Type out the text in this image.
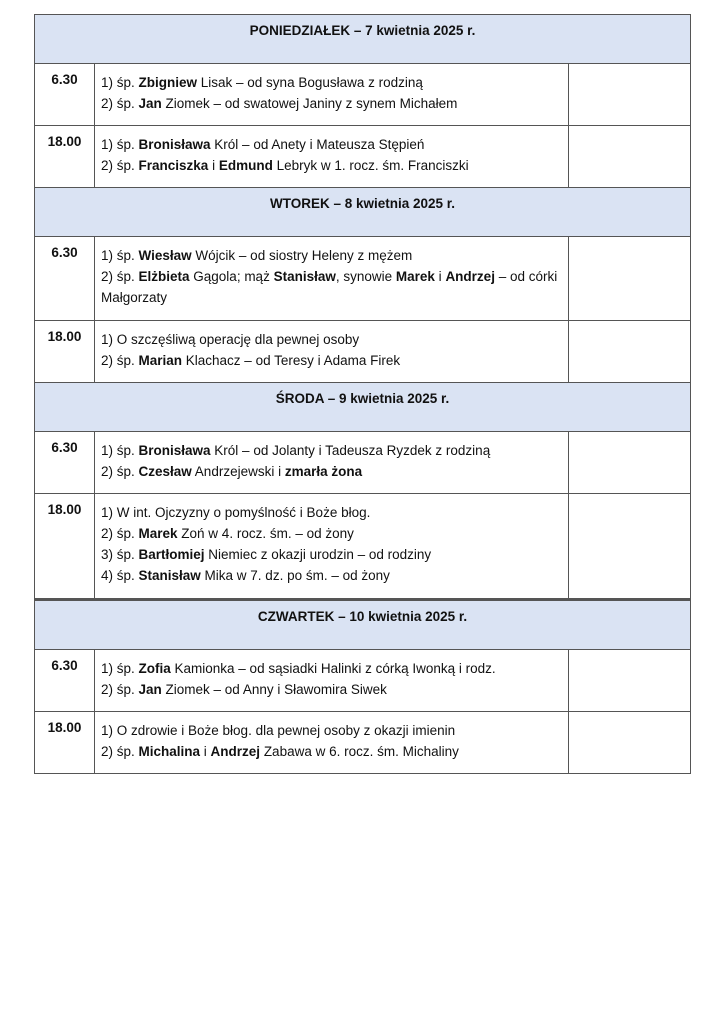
PONIEDZIAŁEK – 7 kwietnia 2025 r.		

6.30	1) śp. Zbigniew Lisak – od syna Bogusława z rodziną
2) śp. Jan Ziomek – od swatowej Janiny z synem Michałem	

18.00	1) śp. Bronisława Król – od Anety i Mateusza Stępień
2) śp. Franciszka i Edmund Lebryk w 1. rocz. śm. Franciszki	

WTOREK – 8 kwietnia 2025 r.		

6.30	1) śp. Wiesław Wójcik – od siostry Heleny z mężem
2) śp. Elżbieta Gągola; mąż Stanisław, synowie Marek i Andrzej – od córki Małgorzaty	

18.00	1) O szczęśliwą operację dla pewnej osoby
2) śp. Marian Klachacz – od Teresy i Adama Firek	

ŚRODA – 9 kwietnia 2025 r.		

6.30	1) śp. Bronisława Król – od Jolanty i Tadeusza Ryzdek z rodziną
2) śp. Czesław Andrzejewski i zmarła żona	

18.00	1) W int. Ojczyzny o pomyślność i Boże błog.
2) śp. Marek Zoń w 4. rocz. śm. – od żony
3) śp. Bartłomiej Niemiec z okazji urodzin – od rodziny
4) śp. Stanisław Mika w 7. dz. po śm. – od żony	

CZWARTEK – 10 kwietnia 2025 r.		

6.30	1) śp. Zofia Kamionka – od sąsiadki Halinki z córką Iwonką i rodz.
2) śp. Jan Ziomek – od Anny i Sławomira Siwek	

18.00	1) O zdrowie i Boże błog. dla pewnej osoby z okazji imienin
2) śp. Michalina i Andrzej Zabawa w 6. rocz. śm. Michaliny	
